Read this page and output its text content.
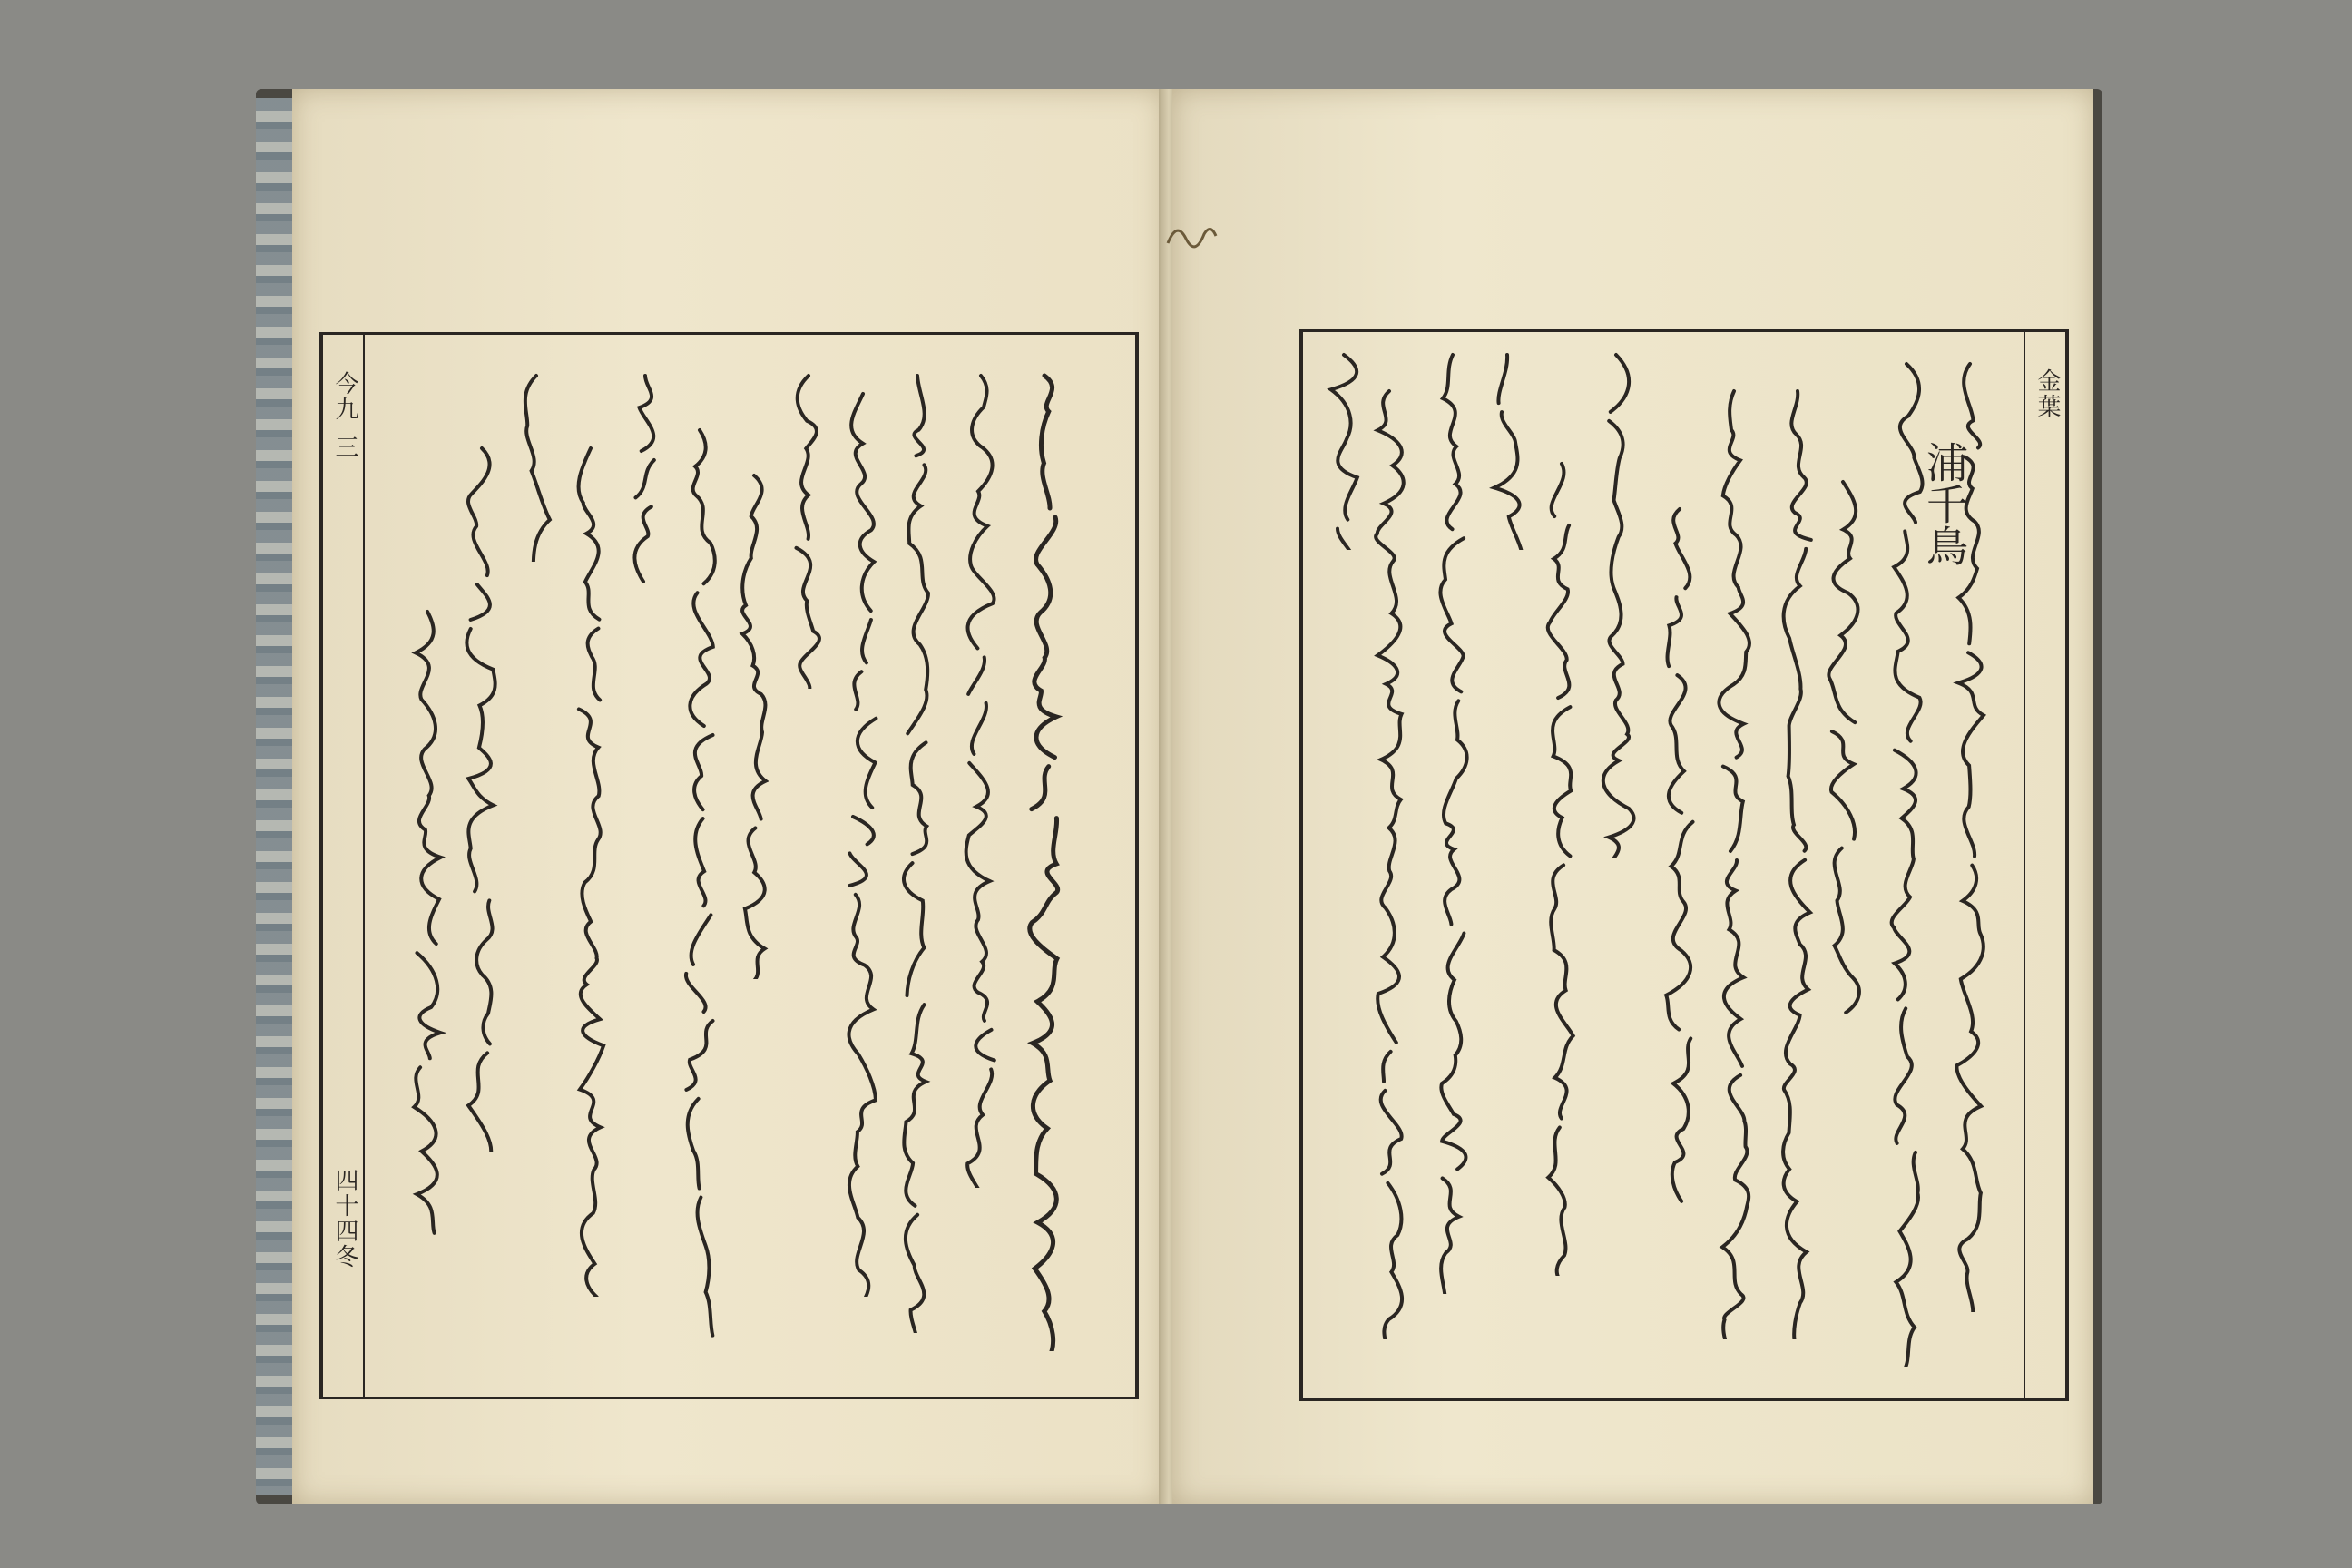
今九
三
四十四冬
金葉
浦千鳥
